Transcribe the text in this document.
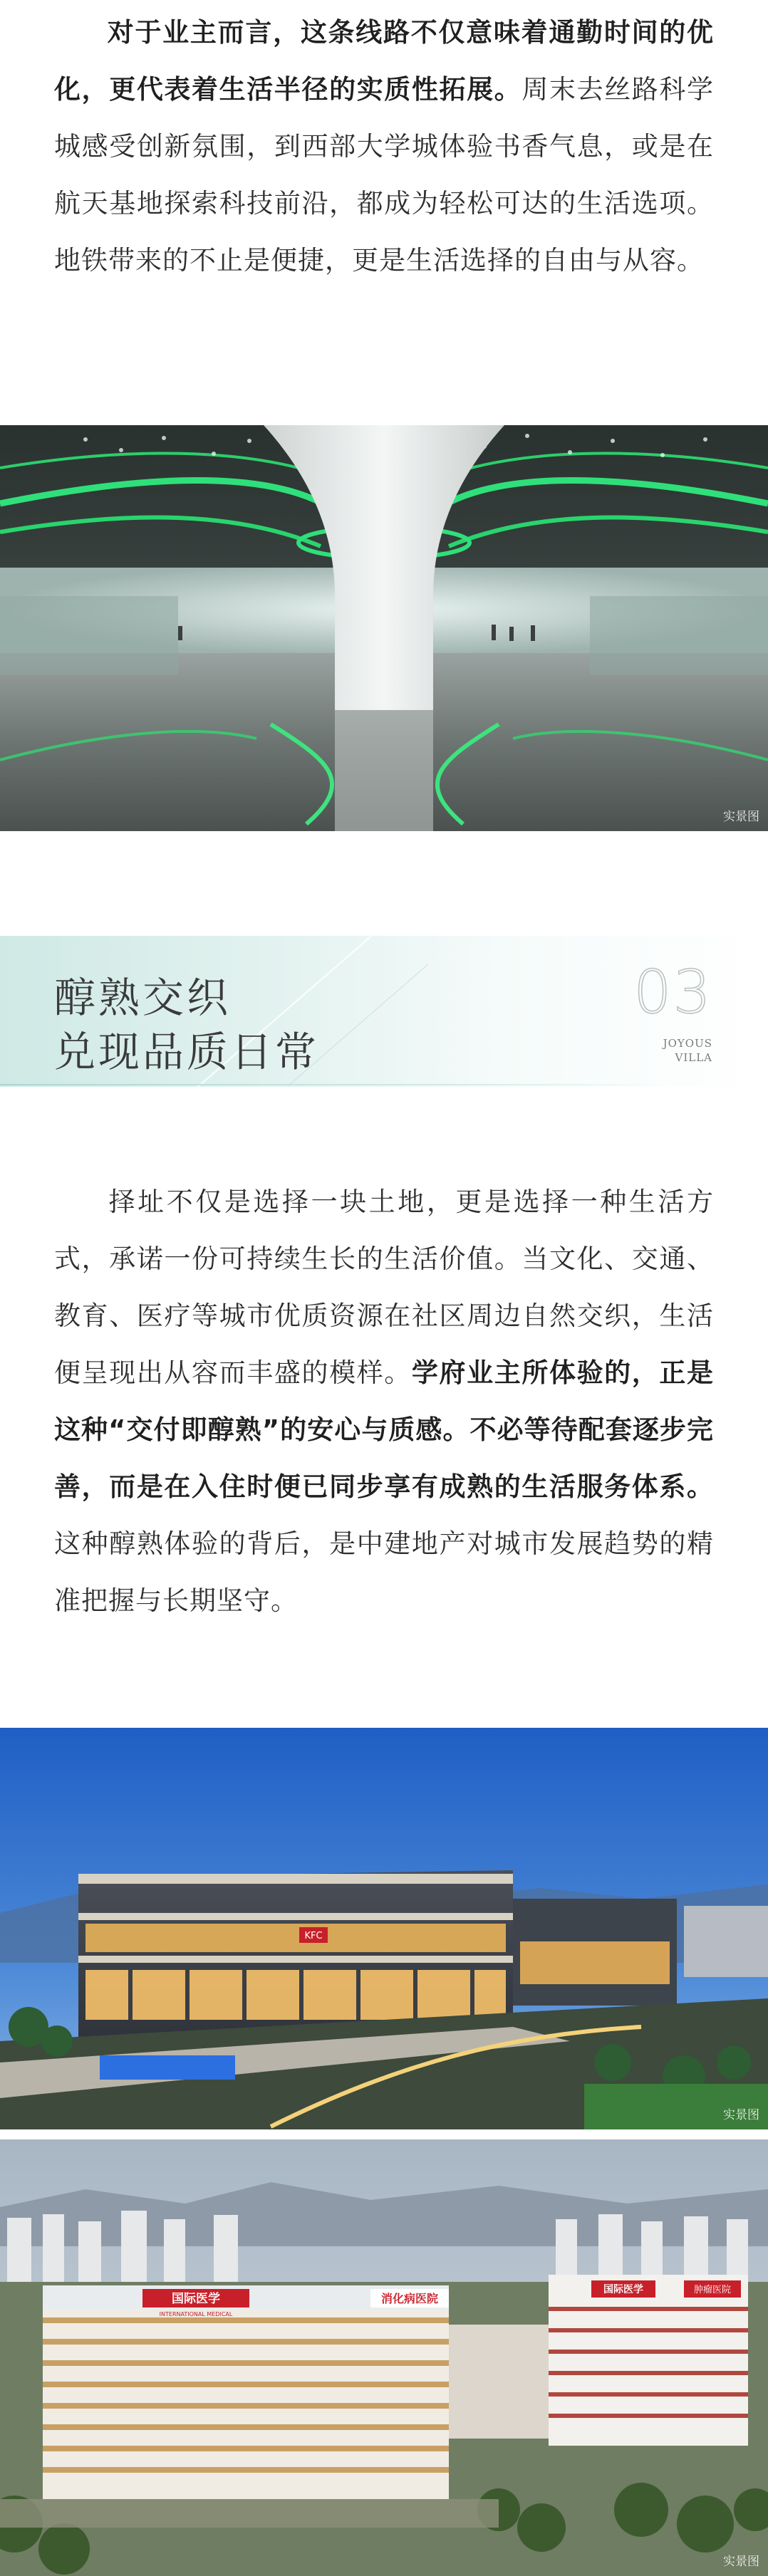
对于业主而言，这条线路不仅意味着通勤时间的优化，更代表着生活半径的实质性拓展。周末去丝路科学城感受创新氛围，到西部大学城体验书香气息，或是在航天基地探索科技前沿，都成为轻松可达的生活选项。地铁带来的不止是便捷，更是生活选择的自由与从容。

实景图
醇熟交织
兑现品质日常
03
JOYOUS
VILLA

择址不仅是选择一块土地，更是选择一种生活方式，承诺一份可持续生长的生活价值。当文化、交通、教育、医疗等城市优质资源在社区周边自然交织，生活便呈现出从容而丰盛的模样。学府业主所体验的，正是这种“交付即醇熟”的安心与质感。不必等待配套逐步完善，而是在入住时便已同步享有成熟的生活服务体系。这种醇熟体验的背后，是中建地产对城市发展趋势的精准把握与长期坚守。

KFC
实景图
国际医学
INTERNATIONAL MEDICAL
消化病医院
国际医学	肿瘤医院
实景图
